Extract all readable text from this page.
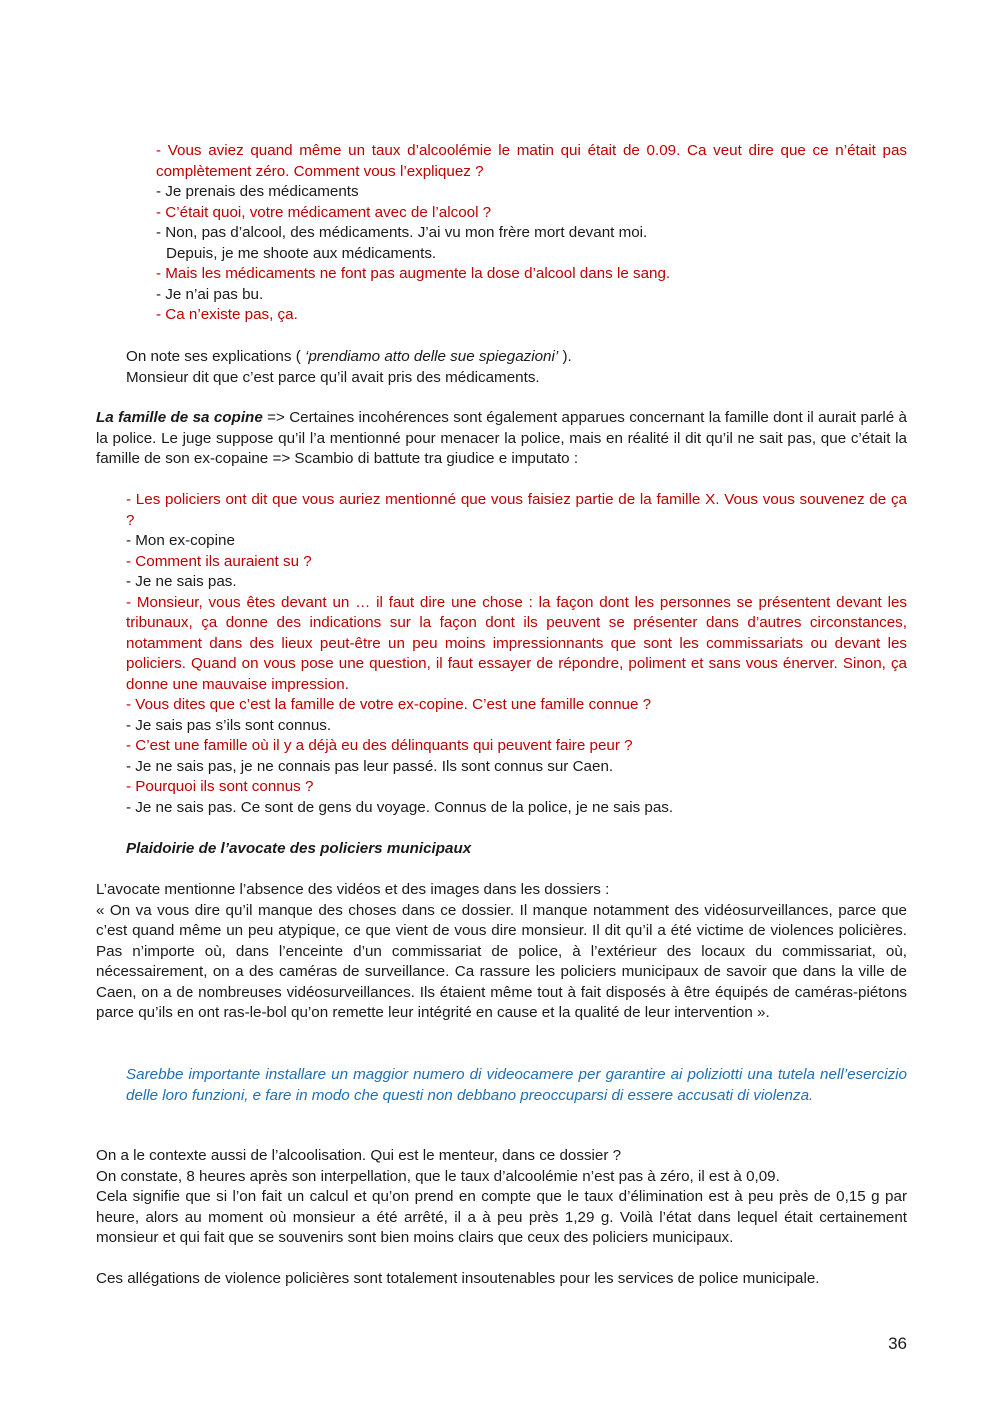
- Vous aviez quand même un taux d’alcoolémie le matin qui était de 0.09. Ca veut dire que ce n’était pas complètement zéro. Comment vous l’expliquez ?
- Je prenais des médicaments
- C’était quoi, votre médicament avec de l’alcool ?
- Non, pas d’alcool, des médicaments. J’ai vu mon frère mort devant moi.
Depuis, je me shoote aux médicaments.
- Mais les médicaments ne font pas augmente la dose d’alcool dans le sang.
- Je n’ai pas bu.
- Ca n’existe pas, ça.
On note ses explications ( ‘prendiamo atto delle sue spiegazioni’ ).
Monsieur dit que c’est parce qu’il avait pris des médicaments.
La famille de sa copine => Certaines incohérences sont également apparues concernant la famille dont il aurait parlé à la police. Le juge suppose qu’il l’a mentionné pour menacer la police, mais en réalité il dit qu’il ne sait pas, que c’était la famille de son ex-copaine => Scambio di battute tra giudice e imputato :
- Les policiers ont dit que vous auriez mentionné que vous faisiez partie de la famille X. Vous vous souvenez de ça ?
- Mon ex-copine
- Comment ils auraient su ?
- Je ne sais pas.
- Monsieur, vous êtes devant un … il faut dire une chose : la façon dont les personnes se présentent devant les tribunaux, ça donne des indications sur la façon dont ils peuvent se présenter dans d’autres circonstances, notamment dans des lieux peut-être un peu moins impressionnants que sont les commissariats ou devant les policiers. Quand on vous pose une question, il faut essayer de répondre, poliment et sans vous énerver. Sinon, ça donne une mauvaise impression.
- Vous dites que c’est la famille de votre ex-copine. C’est une famille connue ?
- Je sais pas s’ils sont connus.
- C’est une famille où il y a déjà eu des délinquants qui peuvent faire peur ?
- Je ne sais pas, je ne connais pas leur passé. Ils sont connus sur Caen.
- Pourquoi ils sont connus ?
- Je ne sais pas. Ce sont de gens du voyage. Connus de la police, je ne sais pas.
Plaidoirie de l’avocate des policiers municipaux
L’avocate mentionne l’absence des vidéos et des images dans les dossiers :
« On va vous dire qu’il manque des choses dans ce dossier. Il manque notamment des vidéosurveillances, parce que c’est quand même un peu atypique, ce que vient de vous dire monsieur. Il dit qu’il a été victime de violences policières. Pas n’importe où, dans l’enceinte d’un commissariat de police, à l’extérieur des locaux du commissariat, où, nécessairement, on a des caméras de surveillance. Ca rassure les policiers municipaux de savoir que dans la ville de Caen, on a de nombreuses vidéosurveillances. Ils étaient même tout à fait disposés à être équipés de caméras-piétons parce qu’ils en ont ras-le-bol qu’on remette leur intégrité en cause et la qualité de leur intervention ».
Sarebbe importante installare un maggior numero di videocamere per garantire ai poliziotti una tutela nell’esercizio delle loro funzioni, e fare in modo che questi non debbano preoccuparsi di essere accusati di violenza.
On a le contexte aussi de l’alcoolisation. Qui est le menteur, dans ce dossier ?
On constate, 8 heures après son interpellation, que le taux d’alcoolémie n’est pas à zéro, il est à 0,09.
Cela signifie que si l’on fait un calcul et qu’on prend en compte que le taux d’élimination est à peu près de 0,15 g par heure, alors au moment où monsieur a été arrêté, il a à peu près 1,29 g. Voilà l’état dans lequel était certainement monsieur et qui fait que se souvenirs sont bien moins clairs que ceux des policiers municipaux.
Ces allégations de violence policières sont totalement insoutenables pour les services de police municipale.
36
